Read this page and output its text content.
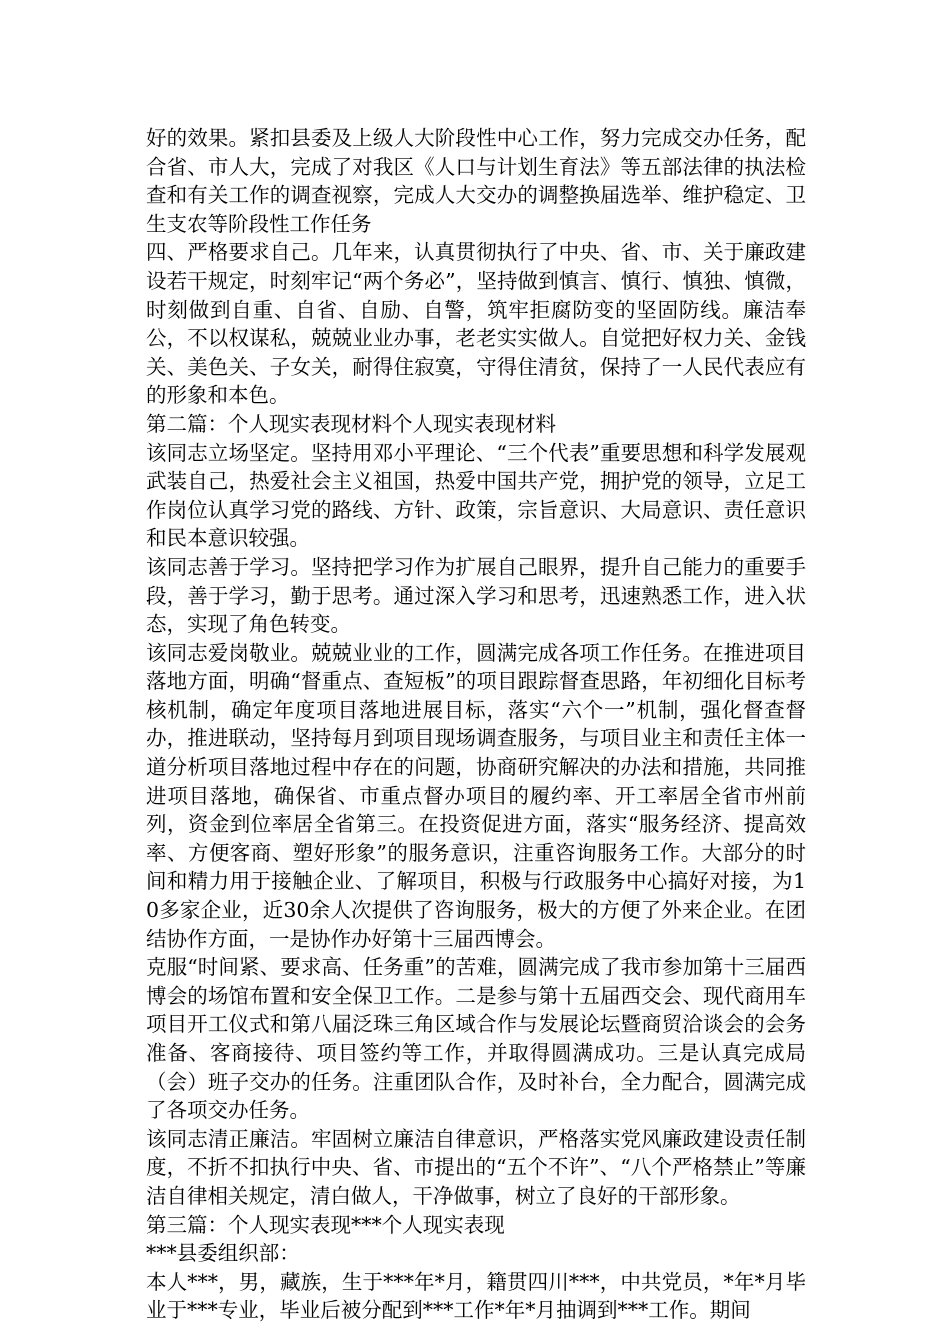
好的效果。紧扣县委及上级人大阶段性中心工作，努力完成交办任务，配合省、市人大，完成了对我区《人口与计划生育法》等五部法律的执法检查和有关工作的调查视察，完成人大交办的调整换届选举、维护稳定、卫生支农等阶段性工作任务

四、严格要求自己。几年来，认真贯彻执行了中央、省、市、关于廉政建设若干规定，时刻牢记“两个务必”，坚持做到慎言、慎行、慎独、慎微，时刻做到自重、自省、自励、自警，筑牢拒腐防变的坚固防线。廉洁奉公，不以权谋私，兢兢业业办事，老老实实做人。自觉把好权力关、金钱关、美色关、子女关，耐得住寂寞，守得住清贫，保持了一人民代表应有的形象和本色。

第二篇：个人现实表现材料个人现实表现材料

该同志立场坚定。坚持用邓小平理论、“三个代表”重要思想和科学发展观武装自己，热爱社会主义祖国，热爱中国共产党，拥护党的领导，立足工作岗位认真学习党的路线、方针、政策，宗旨意识、大局意识、责任意识和民本意识较强。

该同志善于学习。坚持把学习作为扩展自己眼界，提升自己能力的重要手段，善于学习，勤于思考。通过深入学习和思考，迅速熟悉工作，进入状态，实现了角色转变。

该同志爱岗敬业。兢兢业业的工作，圆满完成各项工作任务。在推进项目落地方面，明确“督重点、查短板”的项目跟踪督查思路，年初细化目标考核机制，确定年度项目落地进展目标，落实“六个一”机制，强化督查督办，推进联动，坚持每月到项目现场调查服务，与项目业主和责任主体一道分析项目落地过程中存在的问题，协商研究解决的办法和措施，共同推进项目落地，确保省、市重点督办项目的履约率、开工率居全省市州前列，资金到位率居全省第三。在投资促进方面，落实“服务经济、提高效率、方便客商、塑好形象”的服务意识，注重咨询服务工作。大部分的时间和精力用于接触企业、了解项目，积极与行政服务中心搞好对接，为10多家企业，近30余人次提供了咨询服务，极大的方便了外来企业。在团结协作方面，一是协作办好第十三届西博会。

克服“时间紧、要求高、任务重”的苦难，圆满完成了我市参加第十三届西博会的场馆布置和安全保卫工作。二是参与第十五届西交会、现代商用车项目开工仪式和第八届泛珠三角区域合作与发展论坛暨商贸洽谈会的会务准备、客商接待、项目签约等工作，并取得圆满成功。三是认真完成局（会）班子交办的任务。注重团队合作，及时补台，全力配合，圆满完成了各项交办任务。

该同志清正廉洁。牢固树立廉洁自律意识，严格落实党风廉政建设责任制度，不折不扣执行中央、省、市提出的“五个不许”、“八个严格禁止”等廉洁自律相关规定，清白做人，干净做事，树立了良好的干部形象。

第三篇：个人现实表现***个人现实表现

***县委组织部：

本人***，男，藏族，生于***年*月，籍贯四川***，中共党员，*年*月毕业于***专业，毕业后被分配到***工作*年*月抽调到***工作。期间
